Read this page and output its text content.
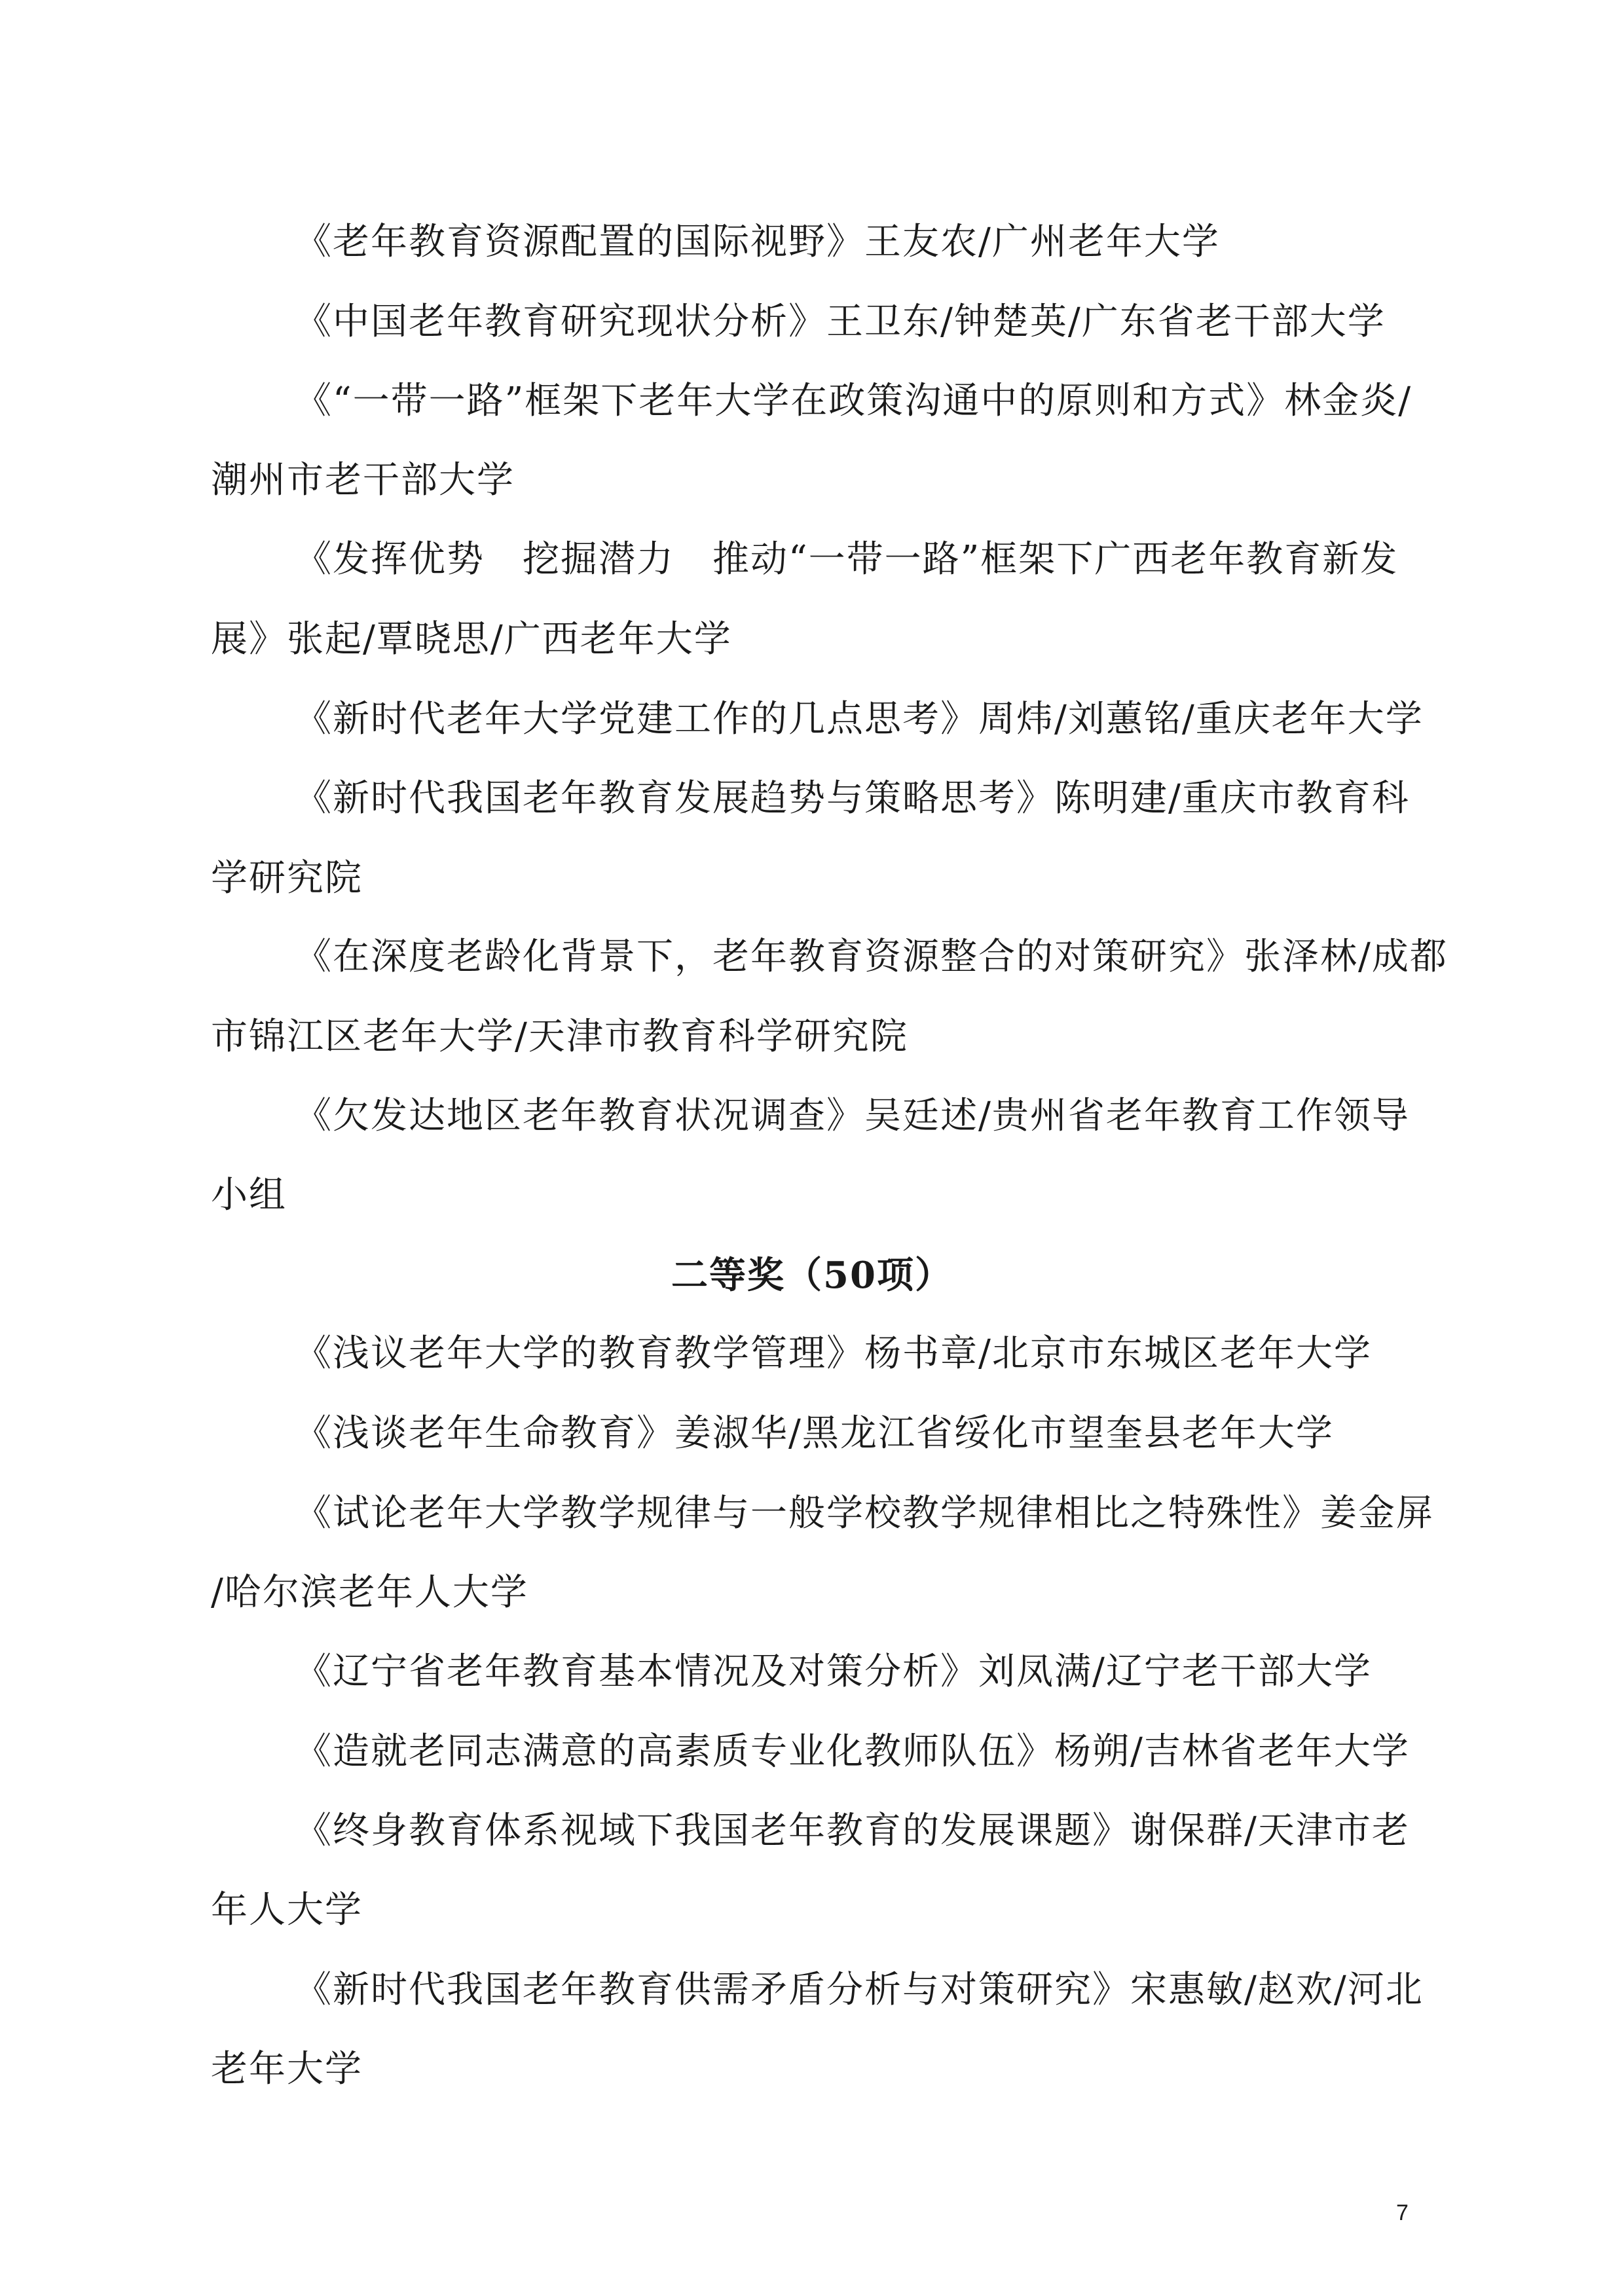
《老年教育资源配置的国际视野》王友农/广州老年大学
《中国老年教育研究现状分析》王卫东/钟楚英/广东省老干部大学
《“一带一路”框架下老年大学在政策沟通中的原则和方式》林金炎/
潮州市老干部大学
《发挥优势　挖掘潜力　推动“一带一路”框架下广西老年教育新发
展》张起/覃晓思/广西老年大学
《新时代老年大学党建工作的几点思考》周炜/刘蕙铭/重庆老年大学
《新时代我国老年教育发展趋势与策略思考》陈明建/重庆市教育科
学研究院
《在深度老龄化背景下，老年教育资源整合的对策研究》张泽林/成都
市锦江区老年大学/天津市教育科学研究院
《欠发达地区老年教育状况调查》吴廷述/贵州省老年教育工作领导
小组
二等奖（50项）
《浅议老年大学的教育教学管理》杨书章/北京市东城区老年大学
《浅谈老年生命教育》姜淑华/黑龙江省绥化市望奎县老年大学
《试论老年大学教学规律与一般学校教学规律相比之特殊性》姜金屏
/哈尔滨老年人大学
《辽宁省老年教育基本情况及对策分析》刘凤满/辽宁老干部大学
《造就老同志满意的高素质专业化教师队伍》杨朔/吉林省老年大学
《终身教育体系视域下我国老年教育的发展课题》谢保群/天津市老
年人大学
《新时代我国老年教育供需矛盾分析与对策研究》宋惠敏/赵欢/河北
老年大学
7
